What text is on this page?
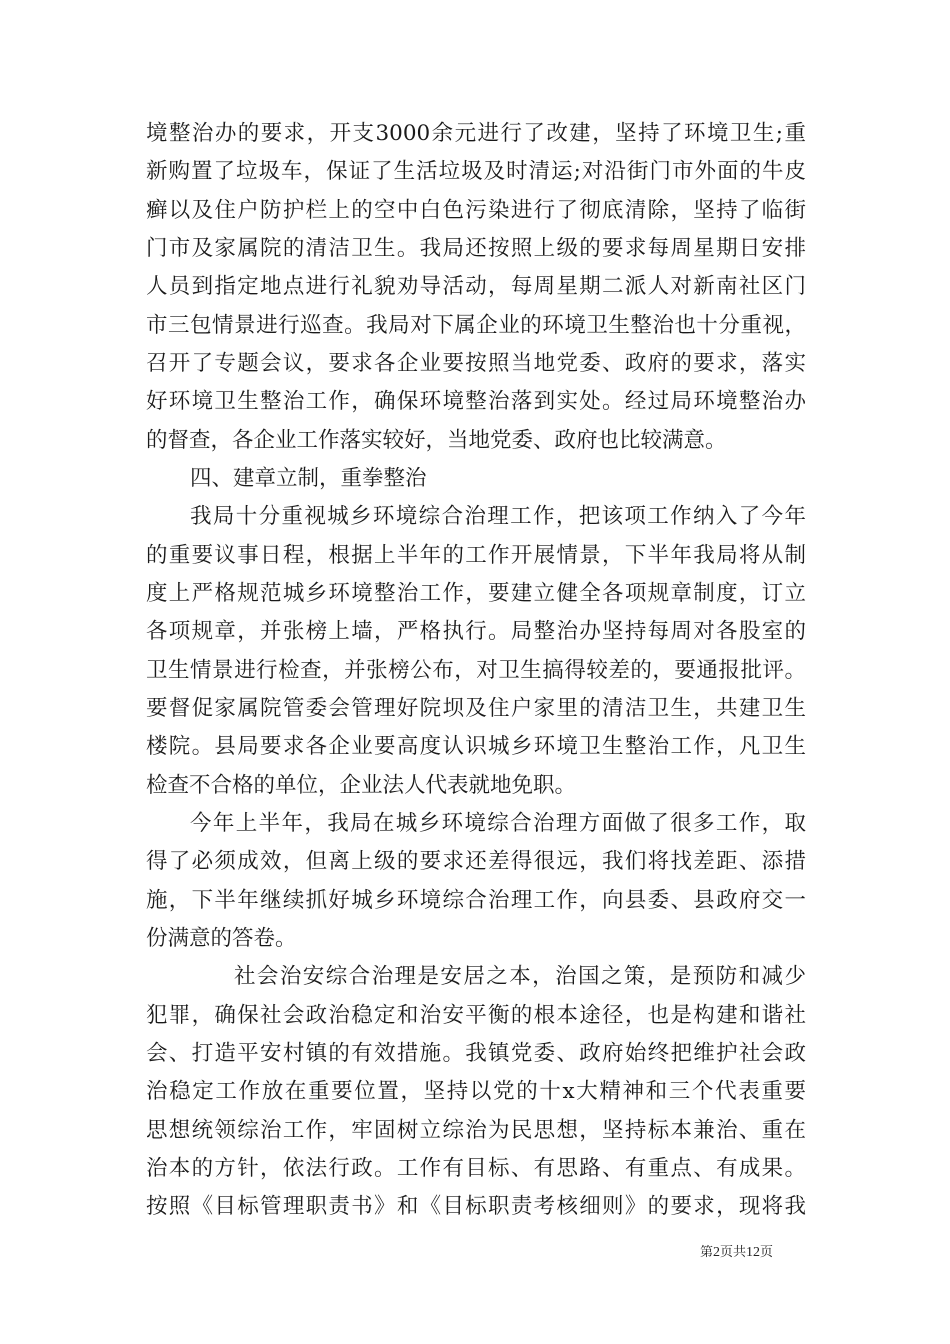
境整治办的要求，开支3000余元进行了改建，坚持了环境卫生;重
新购置了垃圾车，保证了生活垃圾及时清运;对沿街门市外面的牛皮
癣以及住户防护栏上的空中白色污染进行了彻底清除，坚持了临街
门市及家属院的清洁卫生。我局还按照上级的要求每周星期日安排
人员到指定地点进行礼貌劝导活动，每周星期二派人对新南社区门
市三包情景进行巡查。我局对下属企业的环境卫生整治也十分重视，
召开了专题会议，要求各企业要按照当地党委、政府的要求，落实
好环境卫生整治工作，确保环境整治落到实处。经过局环境整治办
的督查，各企业工作落实较好，当地党委、政府也比较满意。
四、建章立制，重拳整治
我局十分重视城乡环境综合治理工作，把该项工作纳入了今年
的重要议事日程，根据上半年的工作开展情景，下半年我局将从制
度上严格规范城乡环境整治工作，要建立健全各项规章制度，订立
各项规章，并张榜上墙，严格执行。局整治办坚持每周对各股室的
卫生情景进行检查，并张榜公布，对卫生搞得较差的，要通报批评。
要督促家属院管委会管理好院坝及住户家里的清洁卫生，共建卫生
楼院。县局要求各企业要高度认识城乡环境卫生整治工作，凡卫生
检查不合格的单位，企业法人代表就地免职。
今年上半年，我局在城乡环境综合治理方面做了很多工作，取
得了必须成效，但离上级的要求还差得很远，我们将找差距、添措
施，下半年继续抓好城乡环境综合治理工作，向县委、县政府交一
份满意的答卷。
社会治安综合治理是安居之本，治国之策，是预防和减少
犯罪，确保社会政治稳定和治安平衡的根本途径，也是构建和谐社
会、打造平安村镇的有效措施。我镇党委、政府始终把维护社会政
治稳定工作放在重要位置，坚持以党的十x大精神和三个代表重要
思想统领综治工作，牢固树立综治为民思想，坚持标本兼治、重在
治本的方针，依法行政。工作有目标、有思路、有重点、有成果。
按照《目标管理职责书》和《目标职责考核细则》的要求，现将我
第2页共12页
